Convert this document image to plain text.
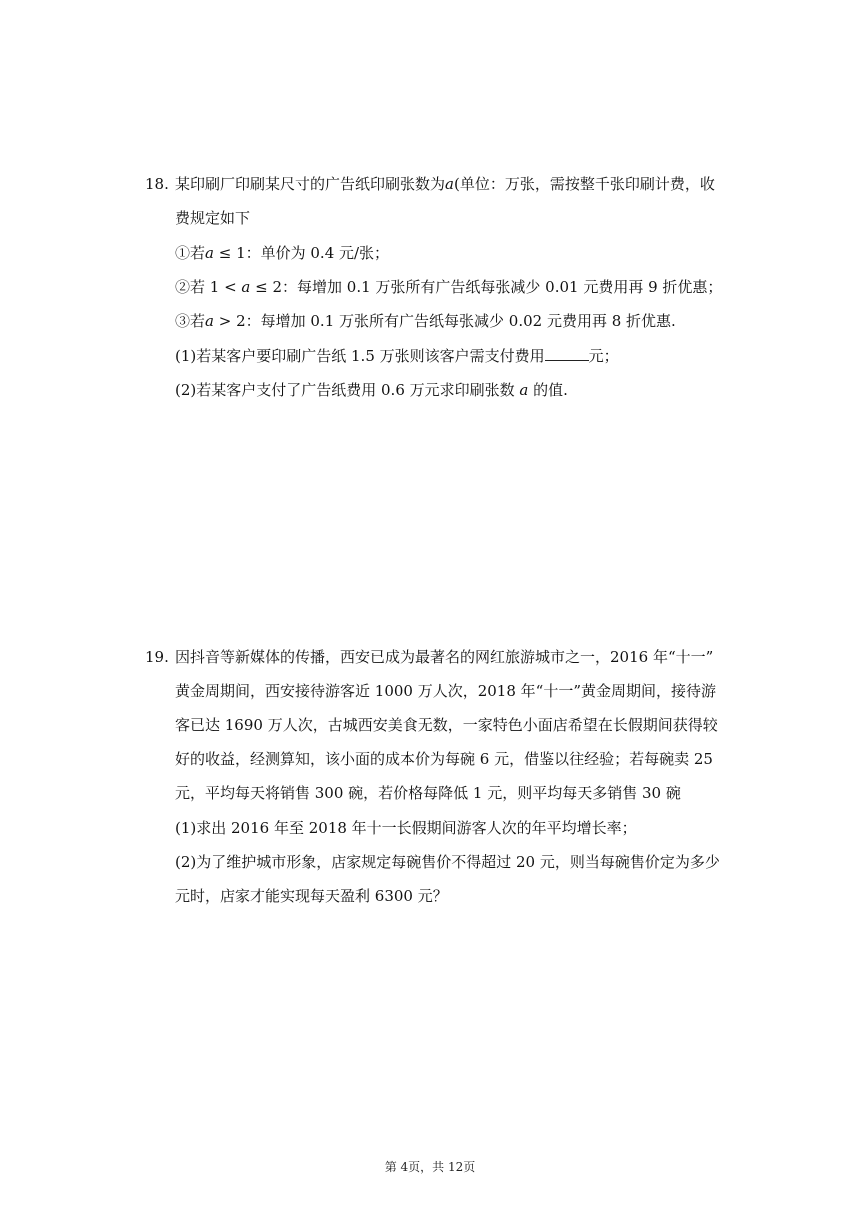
18. 某印刷厂印刷某尺寸的广告纸印刷张数为a(单位：万张，需按整千张印刷计费，收
费规定如下
①若a ≤ 1：单价为 0.4 元/张；
②若 1 < a ≤ 2：每增加 0.1 万张所有广告纸每张减少 0.01 元费用再 9 折优惠；
③若a > 2：每增加 0.1 万张所有广告纸每张减少 0.02 元费用再 8 折优惠.
(1)若某客户要印刷广告纸 1.5 万张则该客户需支付费用	元；
(2)若某客户支付了广告纸费用 0.6 万元求印刷张数 a 的值.
19. 因抖音等新媒体的传播，西安已成为最著名的网红旅游城市之一，2016 年“十一”
黄金周期间，西安接待游客近 1000 万人次，2018 年“十一”黄金周期间，接待游
客已达 1690 万人次，古城西安美食无数，一家特色小面店希望在长假期间获得较
好的收益，经测算知，该小面的成本价为每碗 6 元，借鉴以往经验；若每碗卖 25
元，平均每天将销售 300 碗，若价格每降低 1 元，则平均每天多销售 30 碗
(1)求出 2016 年至 2018 年十一长假期间游客人次的年平均增长率；
(2)为了维护城市形象，店家规定每碗售价不得超过 20 元，则当每碗售价定为多少
元时，店家才能实现每天盈利 6300 元？
第 4页，共 12页
